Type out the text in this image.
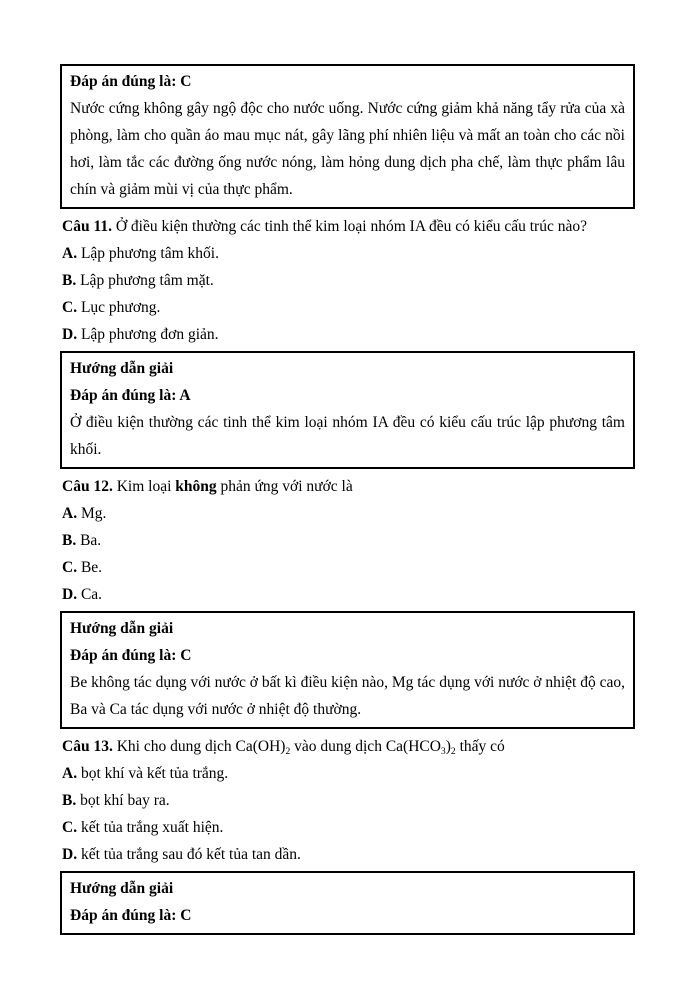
Đáp án đúng là: C

Nước cứng không gây ngộ độc cho nước uống. Nước cứng giảm khả năng tẩy rửa của xà phòng, làm cho quần áo mau mục nát, gây lãng phí nhiên liệu và mất an toàn cho các nồi hơi, làm tắc các đường ống nước nóng, làm hỏng dung dịch pha chế, làm thực phẩm lâu chín và giảm mùi vị của thực phẩm.

Câu 11. Ở điều kiện thường các tinh thể kim loại nhóm IA đều có kiểu cấu trúc nào?

A. Lập phương tâm khối.

B. Lập phương tâm mặt.

C. Lục phương.

D. Lập phương đơn giản.

Hướng dẫn giải

Đáp án đúng là: A

Ở điều kiện thường các tinh thể kim loại nhóm IA đều có kiểu cấu trúc lập phương tâm khối.

Câu 12. Kim loại không phản ứng với nước là

A. Mg.

B. Ba.

C. Be.

D. Ca.

Hướng dẫn giải

Đáp án đúng là: C

Be không tác dụng với nước ở bất kì điều kiện nào, Mg tác dụng với nước ở nhiệt độ cao, Ba và Ca tác dụng với nước ở nhiệt độ thường.

Câu 13. Khi cho dung dịch $Ca(OH)_2$ vào dung dịch $Ca(HCO_3)_2$ thấy có

A. bọt khí và kết tủa trắng.

B. bọt khí bay ra.

C. kết tủa trắng xuất hiện.

D. kết tủa trắng sau đó kết tủa tan dần.

Hướng dẫn giải

Đáp án đúng là: C
